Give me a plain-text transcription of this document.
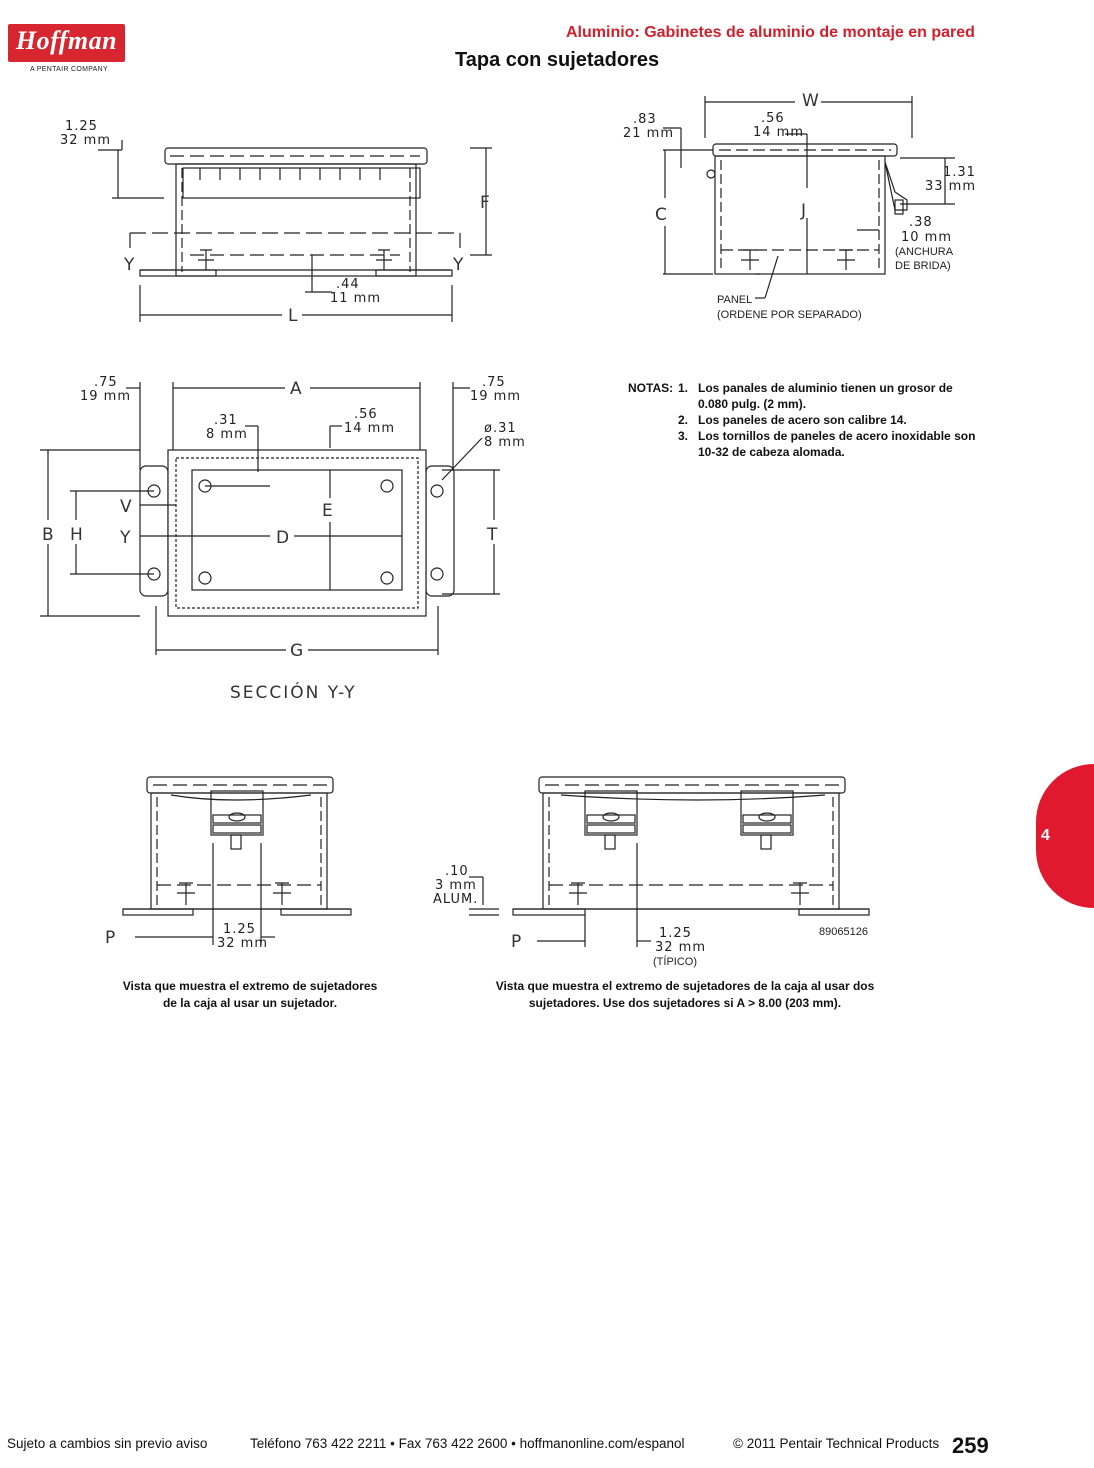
Hoffman
A PENTAIR COMPANY
Aluminio: Gabinetes de aluminio de montaje en pared
Tapa con sujetadores
4
1.25
32 mm
F
Y	Y
.44
11 mm
L
W
.83
21 mm
.56
14 mm
1.31
33 mm
C	J
.38
10 mm
(ANCHURA
DE BRIDA)
PANEL
(ORDENE POR SEPARADO)
.75
19 mm	A	.75
19 mm
.31
8 mm
.56
14 mm	ø.31
8 mm
V	E
B H Y	D	T
G
SECCIÓN Y-Y
NOTAS: 1. Los panales de aluminio tienen un grosor de 0.080 pulg. (2 mm).
2. Los paneles de acero son calibre 14.
3. Los tornillos de paneles de acero inoxidable son 10-32 de cabeza alomada.
P	1.25
32 mm
.10
3 mm
ALUM.
P	1.25
32 mm
(TÍPICO)
89065126
Vista que muestra el extremo de sujetadores
de la caja al usar un sujetador.
Vista que muestra el extremo de sujetadores de la caja al usar dos
sujetadores. Use dos sujetadores si A > 8.00 (203 mm).
Sujeto a cambios sin previo aviso	Teléfono 763 422 2211 • Fax 763 422 2600 • hoffmanonline.com/espanol	© 2011 Pentair Technical Products 259
